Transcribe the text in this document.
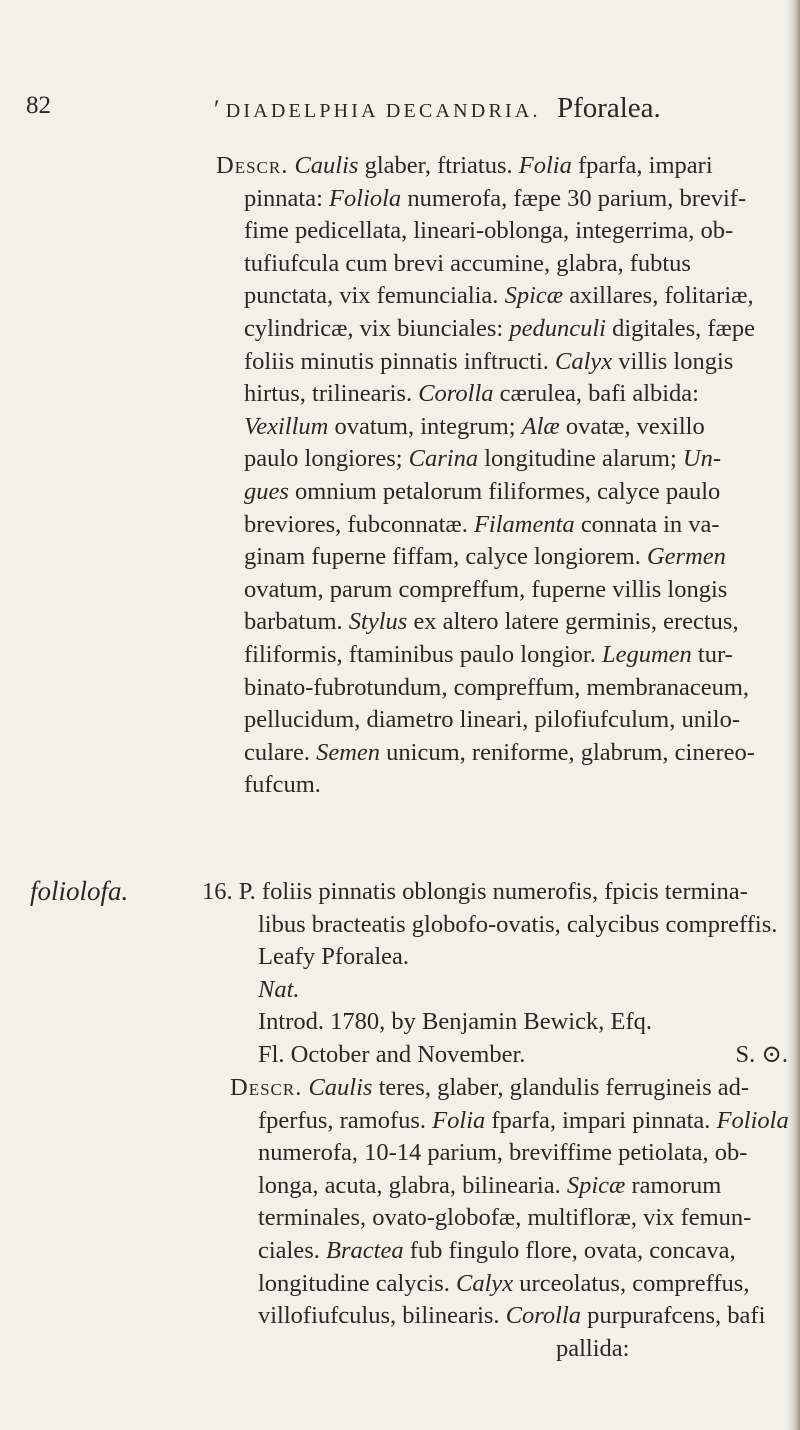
82	′ DIADELPHIA DECANDRIA. Pforalea.
Descr. Caulis glaber, ftriatus. Folia fparfa, impari
pinnata: Foliola numerofa, fæpe 30 parium, brevif-
fime pedicellata, lineari-oblonga, integerrima, ob-
tufiufcula cum brevi accumine, glabra, fubtus
punctata, vix femuncialia. Spicæ axillares, folitariæ,
cylindricæ, vix biunciales: pedunculi digitales, fæpe
foliis minutis pinnatis inftructi. Calyx villis longis
hirtus, trilinearis. Corolla cærulea, bafi albida:
Vexillum ovatum, integrum; Alæ ovatæ, vexillo
paulo longiores; Carina longitudine alarum; Un-
gues omnium petalorum filiformes, calyce paulo
breviores, fubconnatæ. Filamenta connata in va-
ginam fuperne fiffam, calyce longiorem. Germen
ovatum, parum compreffum, fuperne villis longis
barbatum. Stylus ex altero latere germinis, erectus,
filiformis, ftaminibus paulo longior. Legumen tur-
binato-fubrotundum, compreffum, membranaceum,
pellucidum, diametro lineari, pilofiufculum, unilo-
culare. Semen unicum, reniforme, glabrum, cinereo-
fufcum.
foliolofa.	16. P. foliis pinnatis oblongis numerofis, fpicis termina-
libus bracteatis globofo-ovatis, calycibus compreffis.
Leafy Pforalea.
Nat.
Introd. 1780, by Benjamin Bewick, Efq.
Fl. October and November.	S. ⊙.
Descr. Caulis teres, glaber, glandulis ferrugineis ad-
fperfus, ramofus. Folia fparfa, impari pinnata. Foliola
numerofa, 10-14 parium, breviffime petiolata, ob-
longa, acuta, glabra, bilinearia. Spicæ ramorum
terminales, ovato-globofæ, multifloræ, vix femun-
ciales. Bractea fub fingulo flore, ovata, concava,
longitudine calycis. Calyx urceolatus, compreffus,
villofiufculus, bilinearis. Corolla purpurafcens, bafi
pallida:
